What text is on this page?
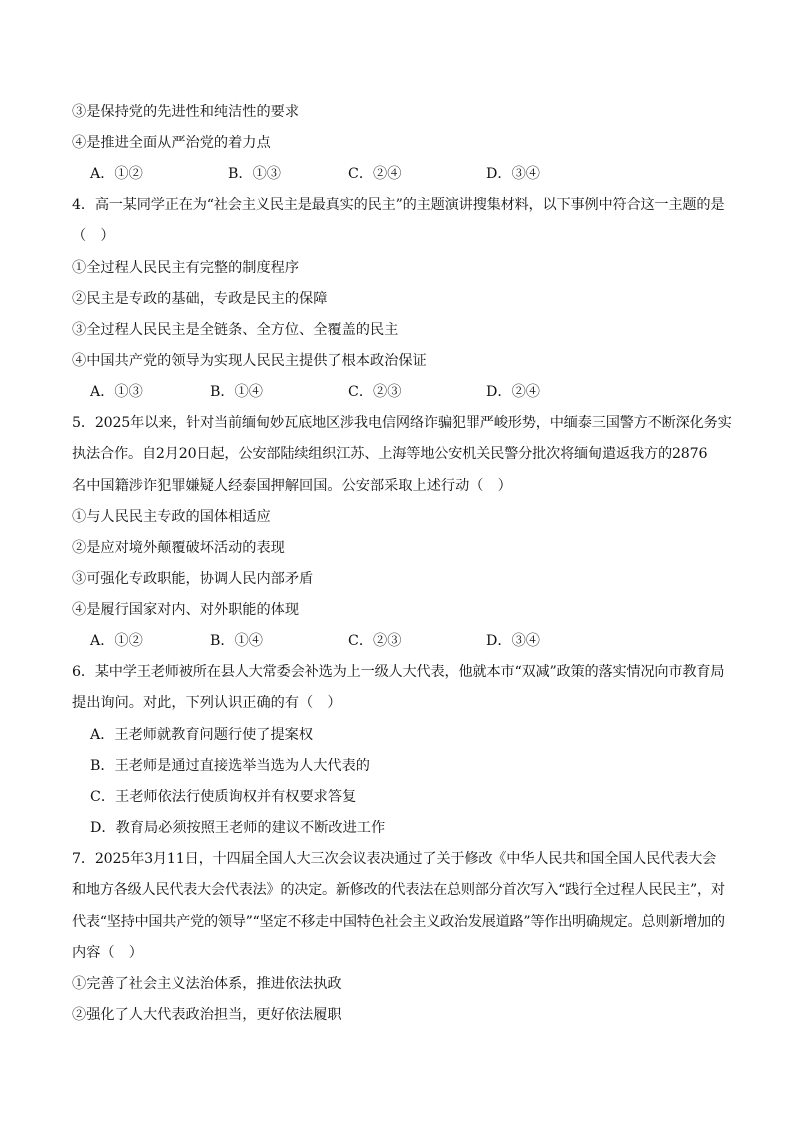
③是保持党的先进性和纯洁性的要求
④是推进全面从严治党的着力点
A．①②	B．①③	C．②④	D．③④
4．高一某同学正在为“社会主义民主是最真实的民主”的主题演讲搜集材料，以下事例中符合这一主题的是
（　）
①全过程人民民主有完整的制度程序
②民主是专政的基础，专政是民主的保障
③全过程人民民主是全链条、全方位、全覆盖的民主
④中国共产党的领导为实现人民民主提供了根本政治保证
A．①③	B．①④	C．②③	D．②④
5．2025年以来，针对当前缅甸妙瓦底地区涉我电信网络诈骗犯罪严峻形势，中缅泰三国警方不断深化务实
执法合作。自2月20日起，公安部陆续组织江苏、上海等地公安机关民警分批次将缅甸遣返我方的2876
名中国籍涉诈犯罪嫌疑人经泰国押解回国。公安部采取上述行动（　）
①与人民民主专政的国体相适应
②是应对境外颠覆破坏活动的表现
③可强化专政职能，协调人民内部矛盾
④是履行国家对内、对外职能的体现
A．①②	B．①④	C．②③	D．③④
6．某中学王老师被所在县人大常委会补选为上一级人大代表，他就本市“双减”政策的落实情况向市教育局
提出询问。对此，下列认识正确的有（　）
A．王老师就教育问题行使了提案权
B．王老师是通过直接选举当选为人大代表的
C．王老师依法行使质询权并有权要求答复
D．教育局必须按照王老师的建议不断改进工作
7．2025年3月11日，十四届全国人大三次会议表决通过了关于修改《中华人民共和国全国人民代表大会
和地方各级人民代表大会代表法》的决定。新修改的代表法在总则部分首次写入“践行全过程人民民主”，对
代表“坚持中国共产党的领导”“坚定不移走中国特色社会主义政治发展道路”等作出明确规定。总则新增加的
内容（　）
①完善了社会主义法治体系，推进依法执政
②强化了人大代表政治担当，更好依法履职
